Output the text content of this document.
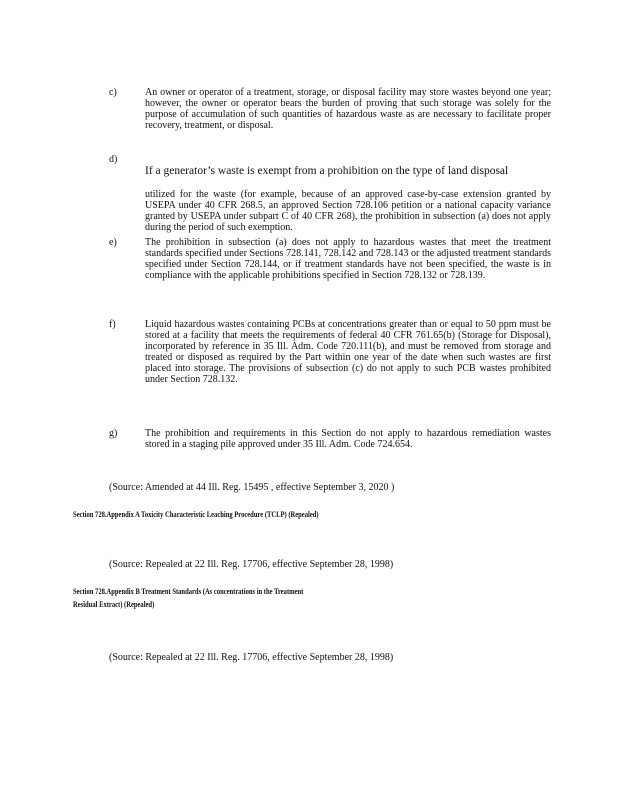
c)	An owner or operator of a treatment, storage, or disposal facility may store wastes beyond one year; however, the owner or operator bears the burden of proving that such storage was solely for the purpose of accumulation of such quantities of hazardous waste as are necessary to facilitate proper recovery, treatment, or disposal.
d)

If a generator’s waste is exempt from a prohibition on the type of land disposal

utilized for the waste (for example, because of an approved case-by-case extension granted by USEPA under 40 CFR 268.5, an approved Section 728.106 petition or a national capacity variance granted by USEPA under subpart C of 40 CFR 268), the prohibition in subsection (a) does not apply during the period of such exemption.

e)	The prohibition in subsection (a) does not apply to hazardous wastes that meet the treatment standards specified under Sections 728.141, 728.142 and 728.143 or the adjusted treatment standards specified under Section 728.144, or if treatment standards have not been specified, the waste is in compliance with the applicable prohibitions specified in Section 728.132 or 728.139.
f)	Liquid hazardous wastes containing PCBs at concentrations greater than or equal to 50 ppm must be stored at a facility that meets the requirements of federal 40 CFR 761.65(b) (Storage for Disposal), incorporated by reference in 35 Ill. Adm. Code 720.111(b), and must be removed from storage and treated or disposed as required by the Part within one year of the date when such wastes are first placed into storage. The provisions of subsection (c) do not apply to such PCB wastes prohibited under Section 728.132.
g)	The prohibition and requirements in this Section do not apply to hazardous remediation wastes stored in a staging pile approved under 35 Ill. Adm. Code 724.654.
(Source: Amended at 44 Ill. Reg. 15495 , effective September 3, 2020 )
Section 728.Appendix A Toxicity Characteristic Leaching Procedure (TCLP) (Repealed)
(Source: Repealed at 22 Ill. Reg. 17706, effective September 28, 1998)
Section 728.Appendix B Treatment Standards (As concentrations in the Treatment
Residual Extract) (Repealed)
(Source: Repealed at 22 Ill. Reg. 17706, effective September 28, 1998)
